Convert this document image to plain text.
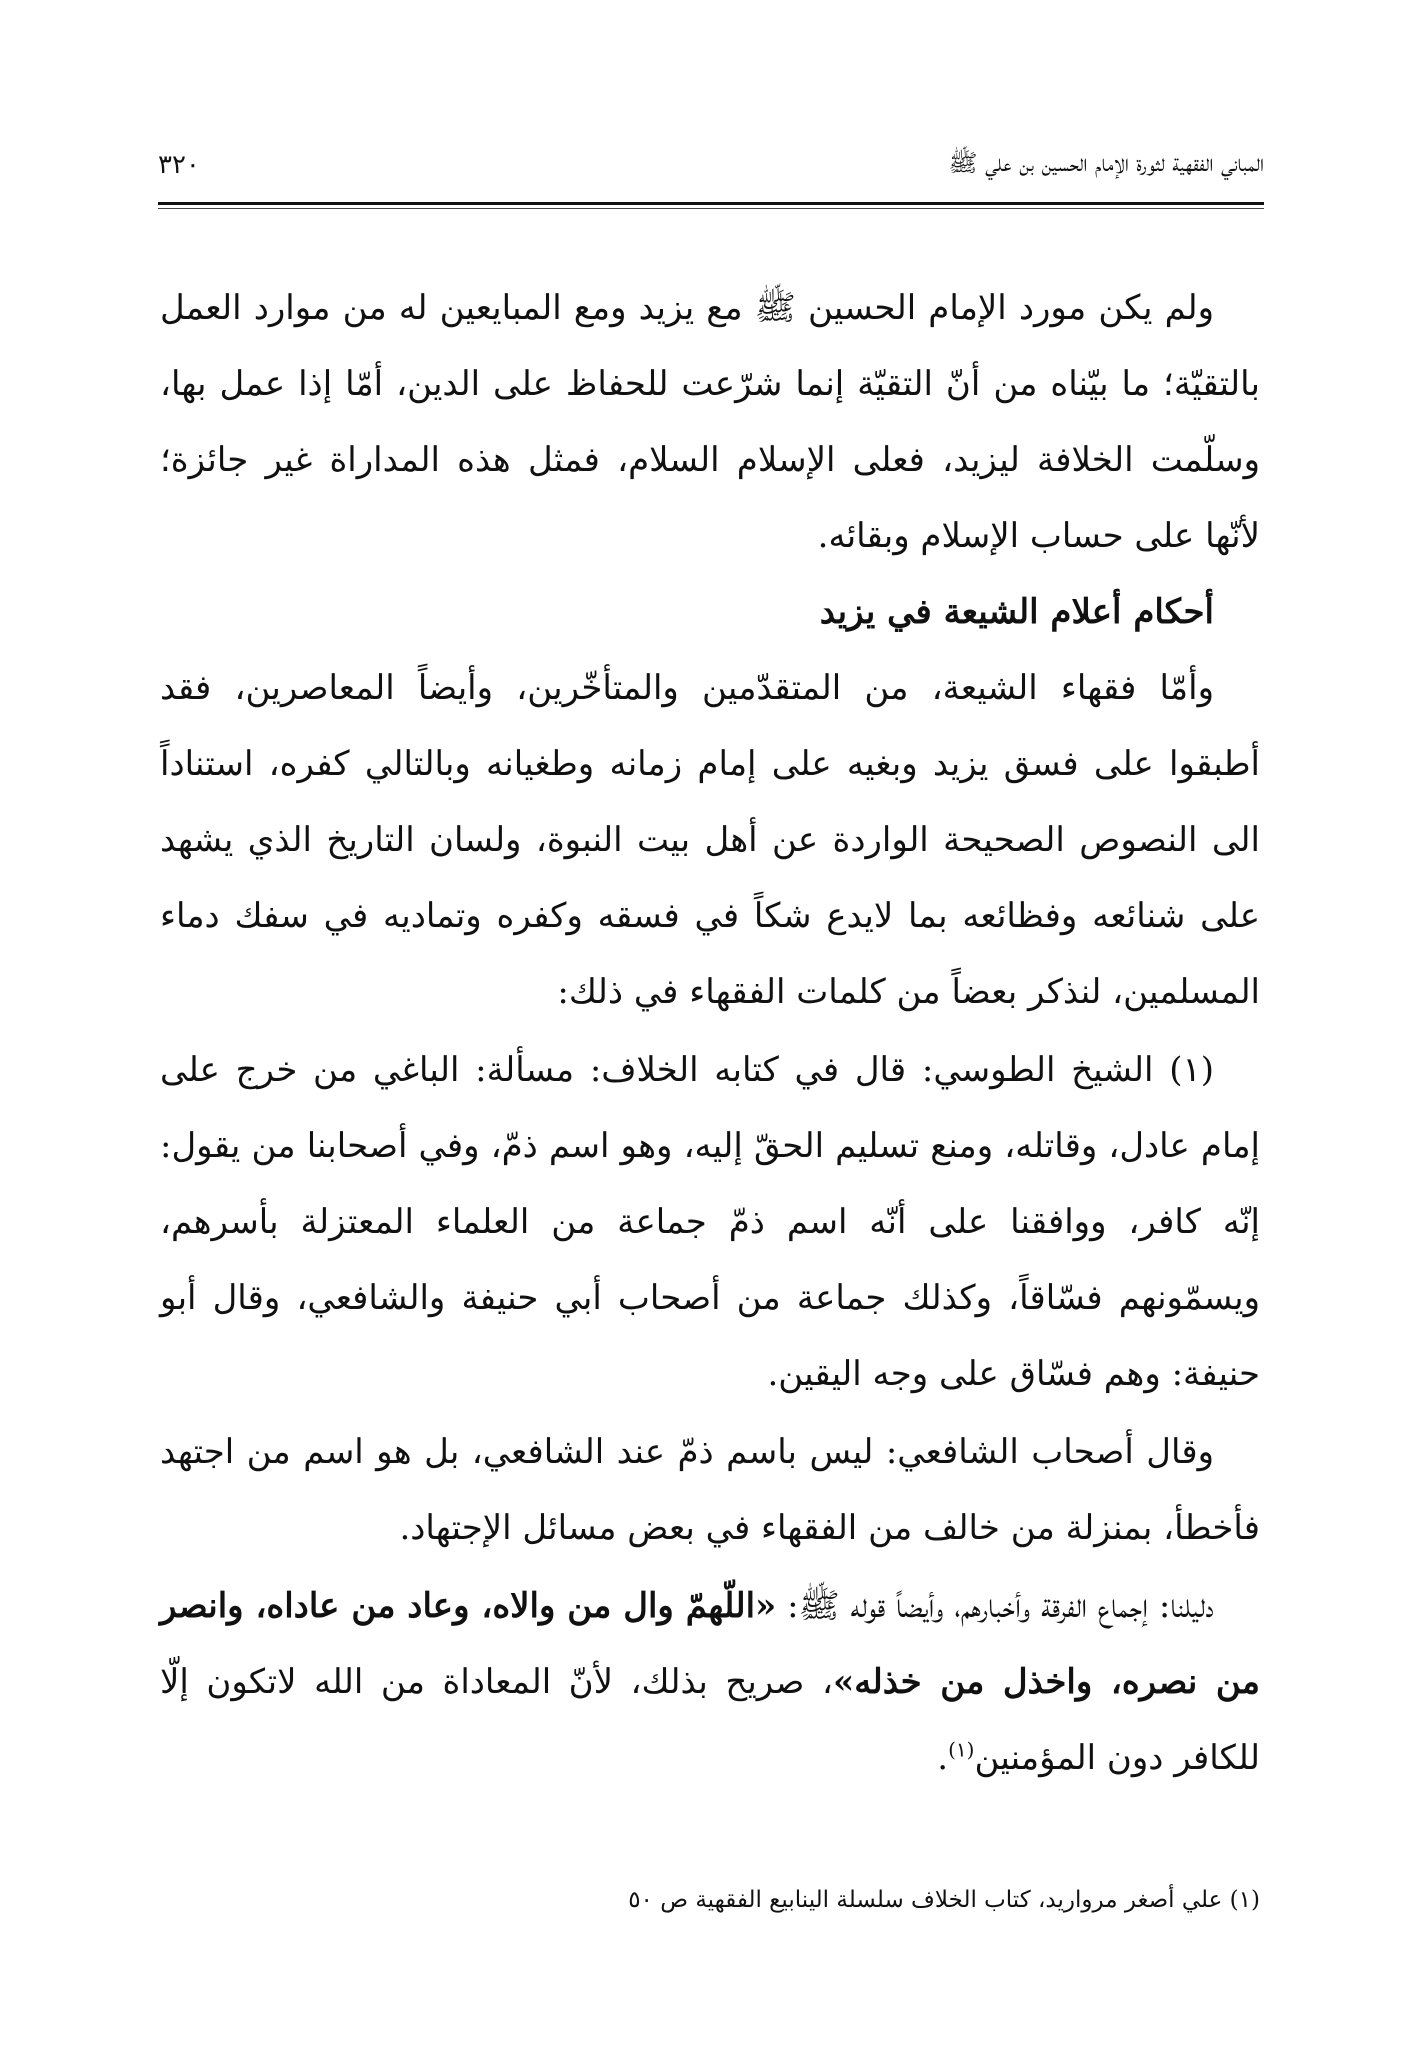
المباني الفقهية لثورة الإمام الحسين بن علي ﷺ
٣٢٠

ولم يكن مورد الإمام الحسين ﷺ مع يزيد ومع المبايعين له من موارد العمل بالتقيّة؛ ما بيّناه من أنّ التقيّة إنما شرّعت للحفاظ على الدين، أمّا إذا عمل بها، وسلّمت الخلافة ليزيد، فعلى الإسلام السلام، فمثل هذه المداراة غير جائزة؛ لأنّها على حساب الإسلام وبقائه.

أحكام أعلام الشيعة في يزيد

وأمّا فقهاء الشيعة، من المتقدّمين والمتأخّرين، وأيضاً المعاصرين، فقد أطبقوا على فسق يزيد وبغيه على إمام زمانه وطغيانه وبالتالي كفره، استناداً الى النصوص الصحيحة الواردة عن أهل بيت النبوة، ولسان التاريخ الذي يشهد على شنائعه وفظائعه بما لايدع شكاً في فسقه وكفره وتماديه في سفك دماء المسلمين، لنذكر بعضاً من كلمات الفقهاء في ذلك:

(١) الشيخ الطوسي: قال في كتابه الخلاف: مسألة: الباغي من خرج على إمام عادل، وقاتله، ومنع تسليم الحقّ إليه، وهو اسم ذمّ، وفي أصحابنا من يقول: إنّه كافر، ووافقنا على أنّه اسم ذمّ جماعة من العلماء المعتزلة بأسرهم، ويسمّونهم فسّاقاً، وكذلك جماعة من أصحاب أبي حنيفة والشافعي، وقال أبو حنيفة: وهم فسّاق على وجه اليقين.

وقال أصحاب الشافعي: ليس باسم ذمّ عند الشافعي، بل هو اسم من اجتهد فأخطأ، بمنزلة من خالف من الفقهاء في بعض مسائل الإجتهاد.

دليلنا: إجماع الفرقة وأخبارهم، وأيضاً قوله ﷺ: «اللّهمّ وال من والاه، وعاد من عاداه، وانصر من نصره، واخذل من خذله»، صريح بذلك، لأنّ المعاداة من الله لاتكون إلّا للكافر دون المؤمنين$^{(١)}$.

(١) علي أصغر مرواريد، كتاب الخلاف سلسلة الينابيع الفقهية ص ٥٠
